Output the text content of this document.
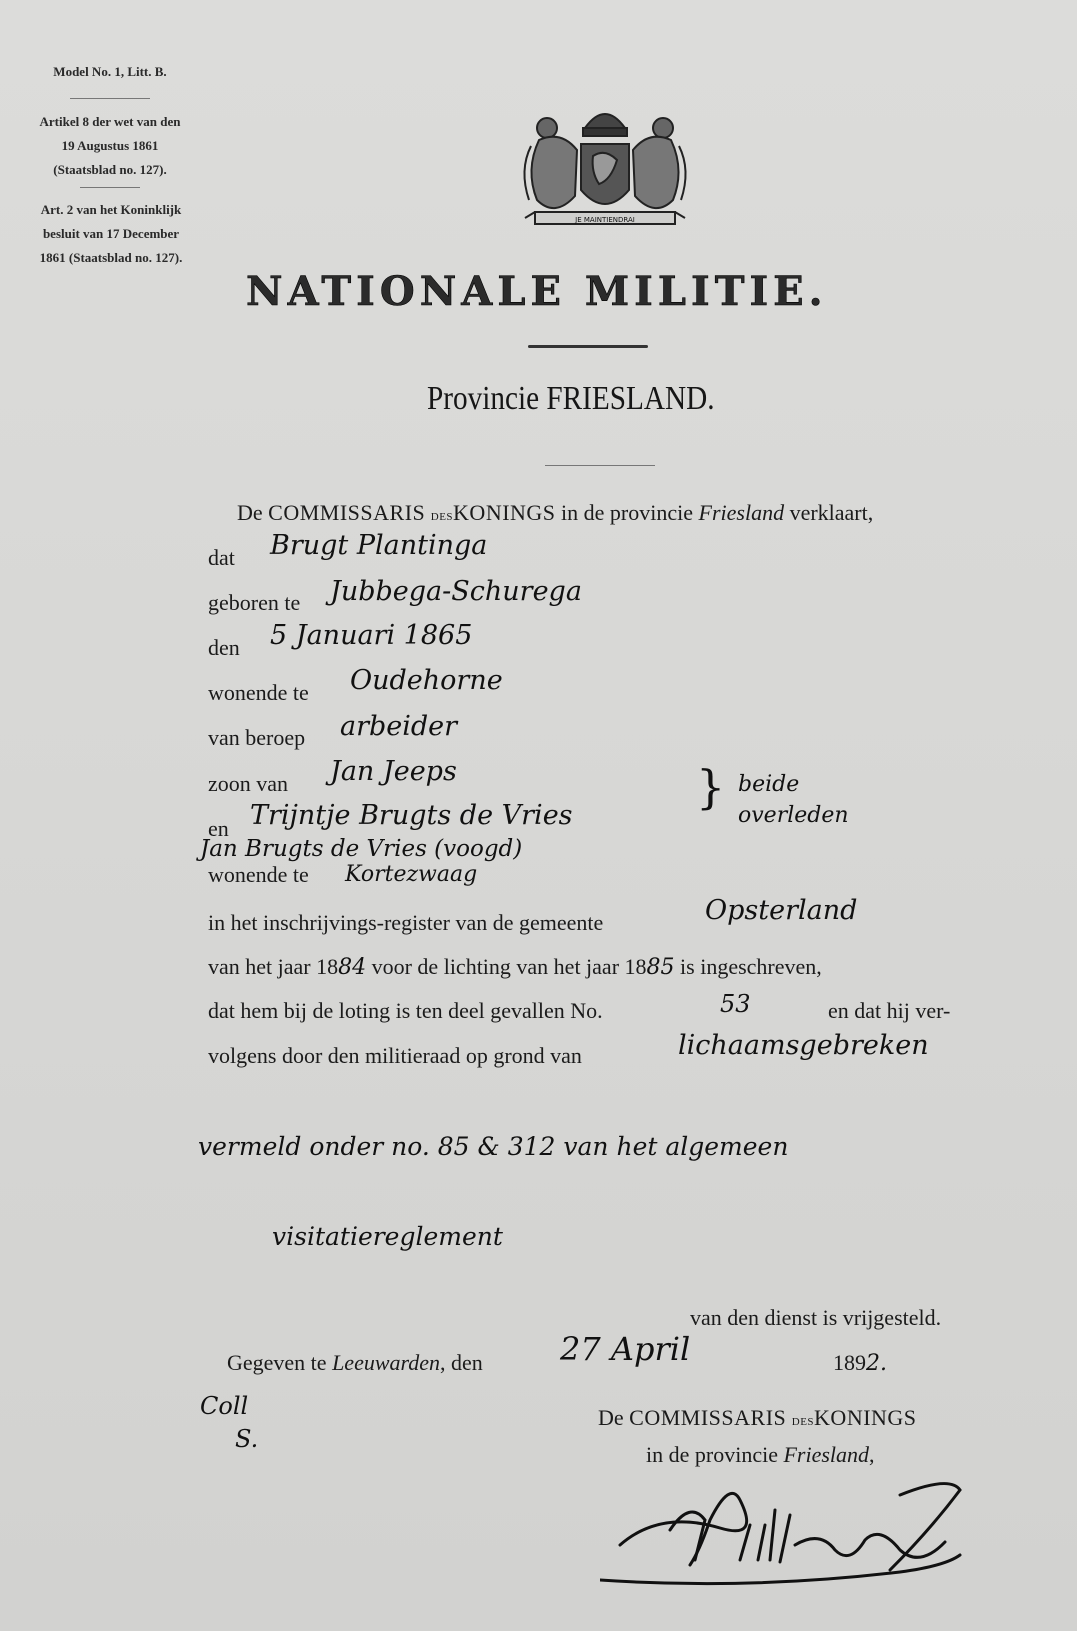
Model No. 1, Litt. B.
Artikel 8 der wet van den
19 Augustus 1861
(Staatsblad no. 127).
Art. 2 van het Koninklijk
besluit van 17 December
1861 (Staatsblad no. 127).
JE MAINTIENDRAI
NATIONALE MILITIE.
Provincie FRIESLAND.
De COMMISSARIS desKONINGS in de provincie Friesland verklaart,
dat Brugt Plantinga
geboren te Jubbega-Schurega
den 5 Januari 1865
wonende te Oudehorne
van beroep arbeider
zoon van Jan Jeeps
en Trijntje Brugts de Vries
} beide
overleden
Jan Brugts de Vries (voogd)
wonende te Kortezwaag
in het inschrijvings-register van de gemeente	Opsterland
van het jaar 1884 voor de lichting van het jaar 1885 is ingeschreven,
dat hem bij de loting is ten deel gevallen No.	53	en dat hij ver-
volgens door den militieraad op grond van	lichaamsgebreken
vermeld onder no. 85 & 312 van het algemeen
visitatiereglement
van den dienst is vrijgesteld.
Gegeven te Leeuwarden, den 27 April	1892.
Coll
S.
De COMMISSARIS desKONINGS
in de provincie Friesland,
J.W. Hittenberg
